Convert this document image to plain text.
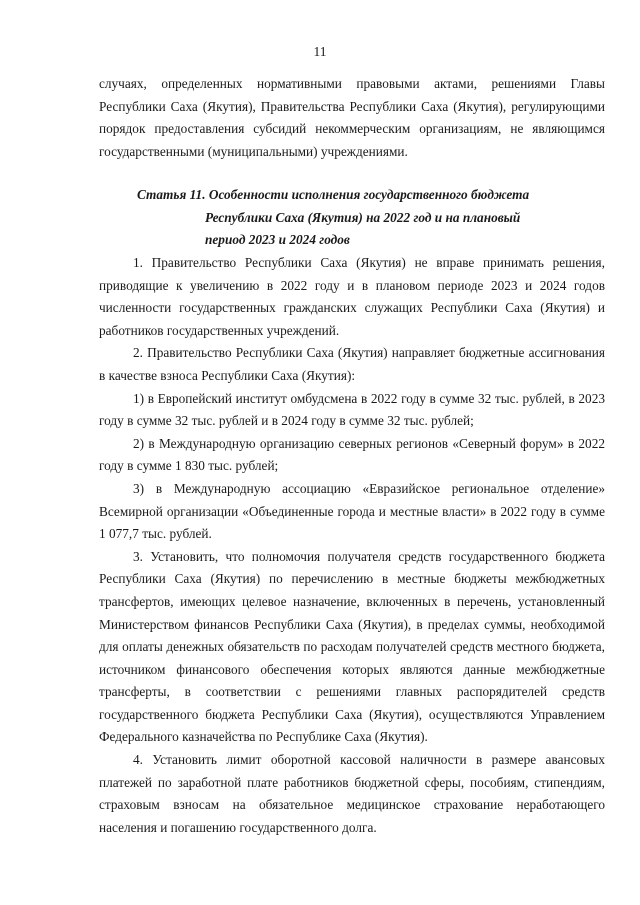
11

случаях, определенных нормативными правовыми актами, решениями Главы Республики Саха (Якутия), Правительства Республики Саха (Якутия), регулирующими порядок предоставления субсидий некоммерческим организациям, не являющимся государственными (муниципальными) учреждениями.

Статья 11. Особенности исполнения государственного бюджета
Республики Саха (Якутия) на 2022 год и на плановый
период 2023 и 2024 годов

1. Правительство Республики Саха (Якутия) не вправе принимать решения, приводящие к увеличению в 2022 году и в плановом периоде 2023 и 2024 годов численности государственных гражданских служащих Республики Саха (Якутия) и работников государственных учреждений.

2. Правительство Республики Саха (Якутия) направляет бюджетные ассигнования в качестве взноса Республики Саха (Якутия):

1) в Европейский институт омбудсмена в 2022 году в сумме 32 тыс. рублей, в 2023 году в сумме 32 тыс. рублей и в 2024 году в сумме 32 тыс. рублей;

2) в Международную организацию северных регионов «Северный форум» в 2022 году в сумме 1 830 тыс. рублей;

3) в Международную ассоциацию «Евразийское региональное отделение» Всемирной организации «Объединенные города и местные власти» в 2022 году в сумме 1 077,7 тыс. рублей.

3. Установить, что полномочия получателя средств государственного бюджета Республики Саха (Якутия) по перечислению в местные бюджеты межбюджетных трансфертов, имеющих целевое назначение, включенных в перечень, установленный Министерством финансов Республики Саха (Якутия), в пределах суммы, необходимой для оплаты денежных обязательств по расходам получателей средств местного бюджета, источником финансового обеспечения которых являются данные межбюджетные трансферты, в соответствии с решениями главных распорядителей средств государственного бюджета Республики Саха (Якутия), осуществляются Управлением Федерального казначейства по Республике Саха (Якутия).

4. Установить лимит оборотной кассовой наличности в размере авансовых платежей по заработной плате работников бюджетной сферы, пособиям, стипендиям, страховым взносам на обязательное медицинское страхование неработающего населения и погашению государственного долга.
